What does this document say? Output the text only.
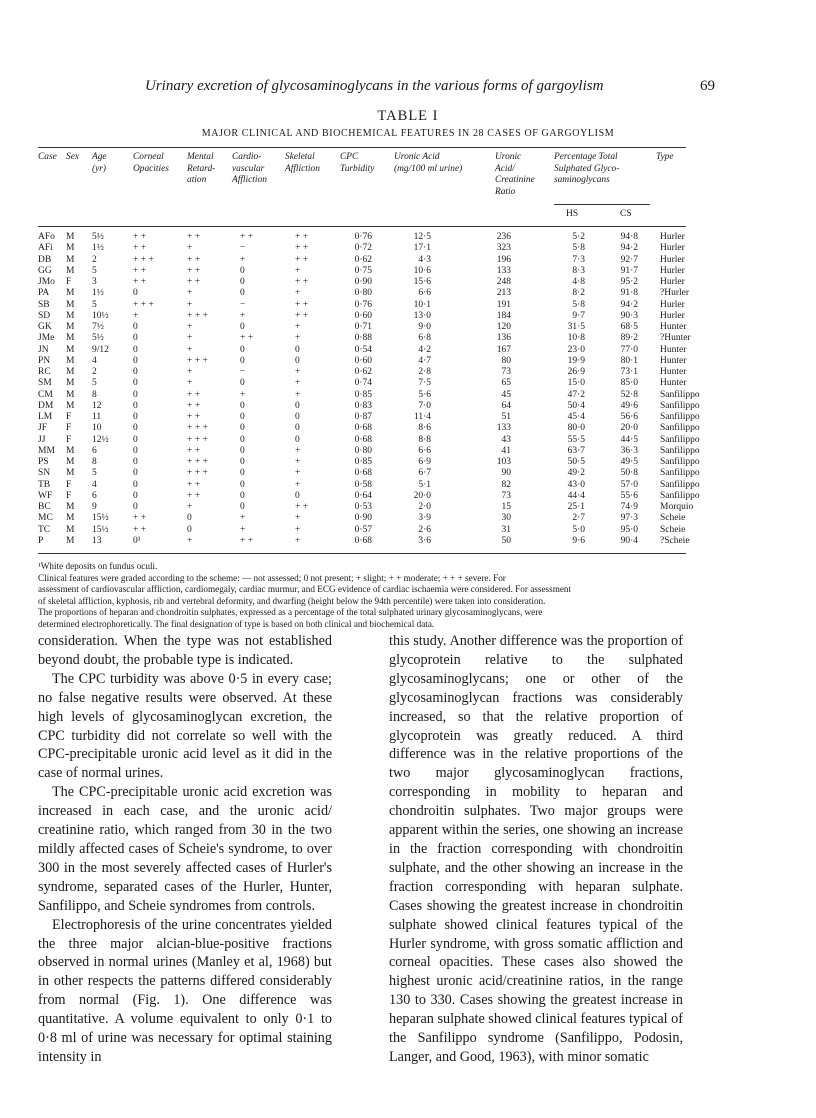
Urinary excretion of glycosaminoglycans in the various forms of gargoylism	69
TABLE I
MAJOR CLINICAL AND BIOCHEMICAL FEATURES IN 28 CASES OF GARGOYLISM
Case Sex Age
(yr)
Corneal
Opacities
Mental
Retard-
ation
Cardio-
vascular
Affliction
Skeletal
Affliction
CPC
Turbidity
Uronic Acid
(mg/100 ml urine)
Uronic
Acid/
Creatinine
Ratio
Percentage Total
Sulphated Glyco-
saminoglycans
Type
HS	CS
AFo M 5½	+ +	+ +	+ +	+ +	0·76	12·5	236	5·2	94·8 Hurler
AFi M 1½	+ +	+	−	+ +	0·72	17·1	323	5·8	94·2 Hurler
DB M 2	+ + +	+ +	+	+ +	0·62	4·3	196	7·3	92·7 Hurler
GG M 5	+ +	+ +	0	+	0·75	10·6	133	8·3	91·7 Hurler
JMo F 3	+ +	+ +	0	+ +	0·90	15·6	248	4·8	95·2 Hurler
PA M 1½	0	+	0	+	0·80	6·6	213	8·2	91·8 ?Hurler
SB M 5	+ + +	+	−	+ +	0·76	10·1	191	5·8	94·2 Hurler
SD M 10½	+	+ + +	+	+ +	0·60	13·0	184	9·7	90·3 Hurler
GK M 7½	0	+	0	+	0·71	9·0	120	31·5	68·5 Hunter
JMe M 5½	0	+	+ +	+	0·88	6·8	136	10·8	89·2 ?Hunter
JN M 9/12	0	+	0	0	0·54	4·2	167	23·0	77·0 Hunter
PN M 4	0	+ + +	0	0	0·60	4·7	80	19·9	80·1 Hunter
RC M 2	0	+	−	+	0·62	2·8	73	26·9	73·1 Hunter
SM M 5	0	+	0	+	0·74	7·5	65	15·0	85·0 Hunter
CM M 8	0	+ +	+	+	0·85	5·6	45	47·2	52·8 Sanfilippo
DM M 12	0	+ +	0	0	0·83	7·0	64	50·4	49·6 Sanfilippo
LM F 11	0	+ +	0	0	0·87	11·4	51	45·4	56·6 Sanfilippo
JF F 10	0	+ + +	0	0	0·68	8·6	133	80·0	20·0 Sanfilippo
JJ F 12½	0	+ + +	0	0	0·68	8·8	43	55·5	44·5 Sanfilippo
MM M 6	0	+ +	0	+	0·80	6·6	41	63·7	36·3 Sanfilippo
PS M 8	0	+ + +	0	+	0·85	6·9	103	50·5	49·5 Sanfilippo
SN M 5	0	+ + +	0	+	0·68	6·7	90	49·2	50·8 Sanfilippo
TB F 4	0	+ +	0	+	0·58	5·1	82	43·0	57·0 Sanfilippo
WF F 6	0	+ +	0	0	0·64	20·0	73	44·4	55·6 Sanfilippo
BC M 9	0	+	0	+ +	0·53	2·0	15	25·1	74·9 Morquio
MC M 15½	+ +	0	+	+	0·90	3·9	30	2·7	97·3 Scheie
TC M 15½	+ +	0	+	+	0·57	2·6	31	5·0	95·0 Scheie
P M 13	0¹	+	+ +	+	0·68	3·6	50	9·6	90·4 ?Scheie
¹White deposits on fundus oculi.
Clinical features were graded according to the scheme: — not assessed; 0 not present; + slight; + + moderate; + + + severe. For
assessment of cardiovascular affliction, cardiomegaly, cardiac murmur, and ECG evidence of cardiac ischaemia were considered. For assessment
of skeletal affliction, kyphosis, rib and vertebral deformity, and dwarfing (height below the 94th percentile) were taken into consideration.
The proportions of heparan and chondroitin sulphates, expressed as a percentage of the total sulphated urinary glycosaminoglycans, were
determined electrophoretically. The final designation of type is based on both clinical and biochemical data.

consideration. When the type was not established beyond doubt, the probable type is indicated.

The CPC turbidity was above 0·5 in every case; no false negative results were observed. At these high levels of glycosaminoglycan excretion, the CPC turbidity did not correlate so well with the CPC-precipitable uronic acid level as it did in the case of normal urines.

The CPC-precipitable uronic acid excretion was increased in each case, and the uronic acid/ creatinine ratio, which ranged from 30 in the two mildly affected cases of Scheie's syndrome, to over 300 in the most severely affected cases of Hurler's syndrome, separated cases of the Hurler, Hunter, Sanfilippo, and Scheie syndromes from controls.

Electrophoresis of the urine concentrates yielded the three major alcian-blue-positive fractions observed in normal urines (Manley et al, 1968) but in other respects the patterns differed considerably from normal (Fig. 1). One difference was quantitative. A volume equivalent to only 0·1 to 0·8 ml of urine was necessary for optimal staining intensity in

this study. Another difference was the proportion of glycoprotein relative to the sulphated glycosaminoglycans; one or other of the glycosaminoglycan fractions was considerably increased, so that the relative proportion of glycoprotein was greatly reduced. A third difference was in the relative proportions of the two major glycosaminoglycan fractions, corresponding in mobility to heparan and chondroitin sulphates. Two major groups were apparent within the series, one showing an increase in the fraction corresponding with chondroitin sulphate, and the other showing an increase in the fraction corresponding with heparan sulphate. Cases showing the greatest increase in chondroitin sulphate showed clinical features typical of the Hurler syndrome, with gross somatic affliction and corneal opacities. These cases also showed the highest uronic acid/creatinine ratios, in the range 130 to 330. Cases showing the greatest increase in heparan sulphate showed clinical features typical of the Sanfilippo syndrome (Sanfilippo, Podosin, Langer, and Good, 1963), with minor somatic
